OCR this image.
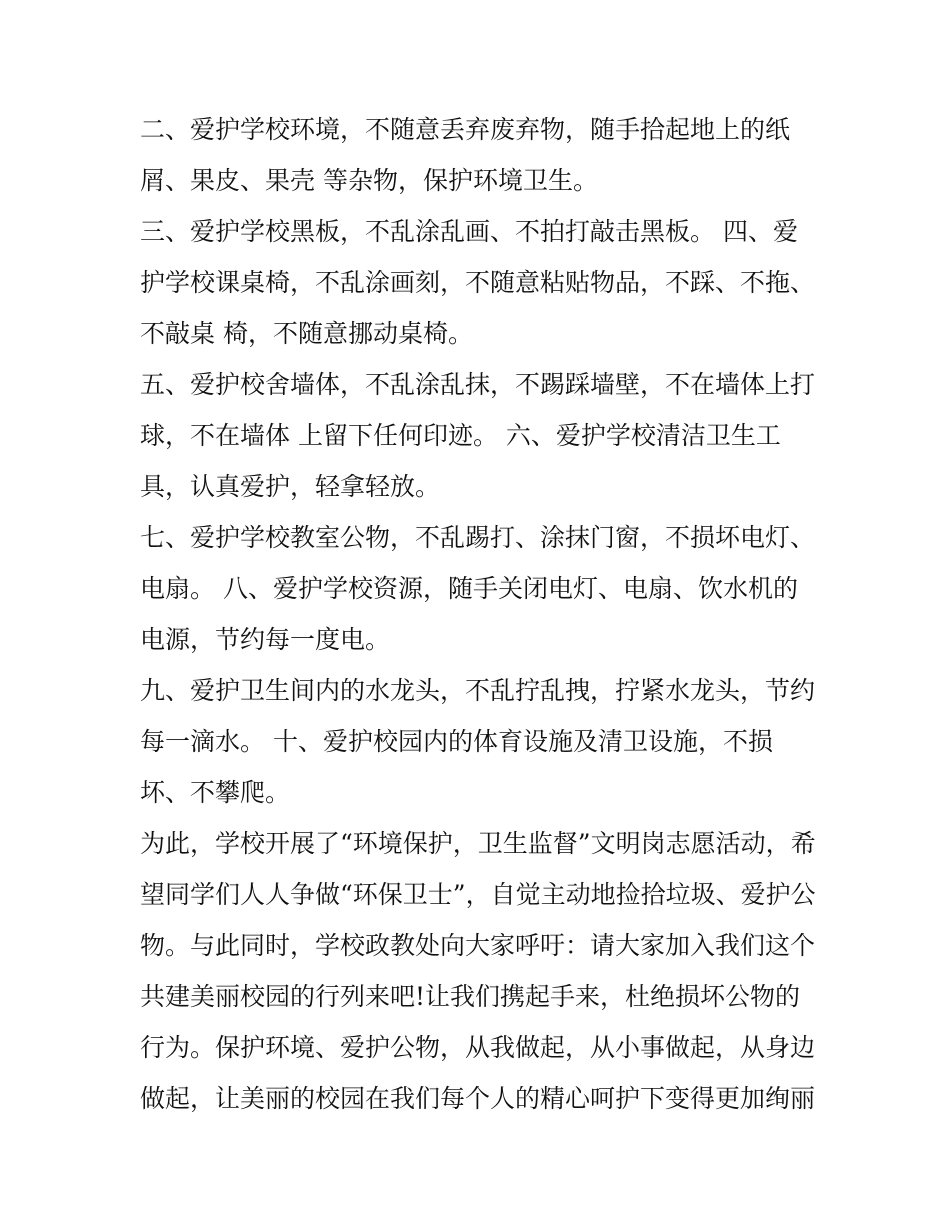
二、爱护学校环境，不随意丢弃废弃物，随手拾起地上的纸
屑、果皮、果壳 等杂物，保护环境卫生。
三、爱护学校黑板，不乱涂乱画、不拍打敲击黑板。 四、爱
护学校课桌椅，不乱涂画刻，不随意粘贴物品，不踩、不拖、
不敲桌 椅，不随意挪动桌椅。
五、爱护校舍墙体，不乱涂乱抹，不踢踩墙壁，不在墙体上打
球，不在墙体 上留下任何印迹。 六、爱护学校清洁卫生工
具，认真爱护，轻拿轻放。
七、爱护学校教室公物，不乱踢打、涂抹门窗，不损坏电灯、
电扇。 八、爱护学校资源，随手关闭电灯、电扇、饮水机的
电源，节约每一度电。
九、爱护卫生间内的水龙头，不乱拧乱拽，拧紧水龙头，节约
每一滴水。 十、爱护校园内的体育设施及清卫设施，不损
坏、不攀爬。
为此，学校开展了“环境保护，卫生监督”文明岗志愿活动，希
望同学们人人争做“环保卫士”，自觉主动地捡拾垃圾、爱护公
物。与此同时，学校政教处向大家呼吁：请大家加入我们这个
共建美丽校园的行列来吧!让我们携起手来，杜绝损坏公物的
行为。保护环境、爱护公物，从我做起，从小事做起，从身边
做起，让美丽的校园在我们每个人的精心呵护下变得更加绚丽
